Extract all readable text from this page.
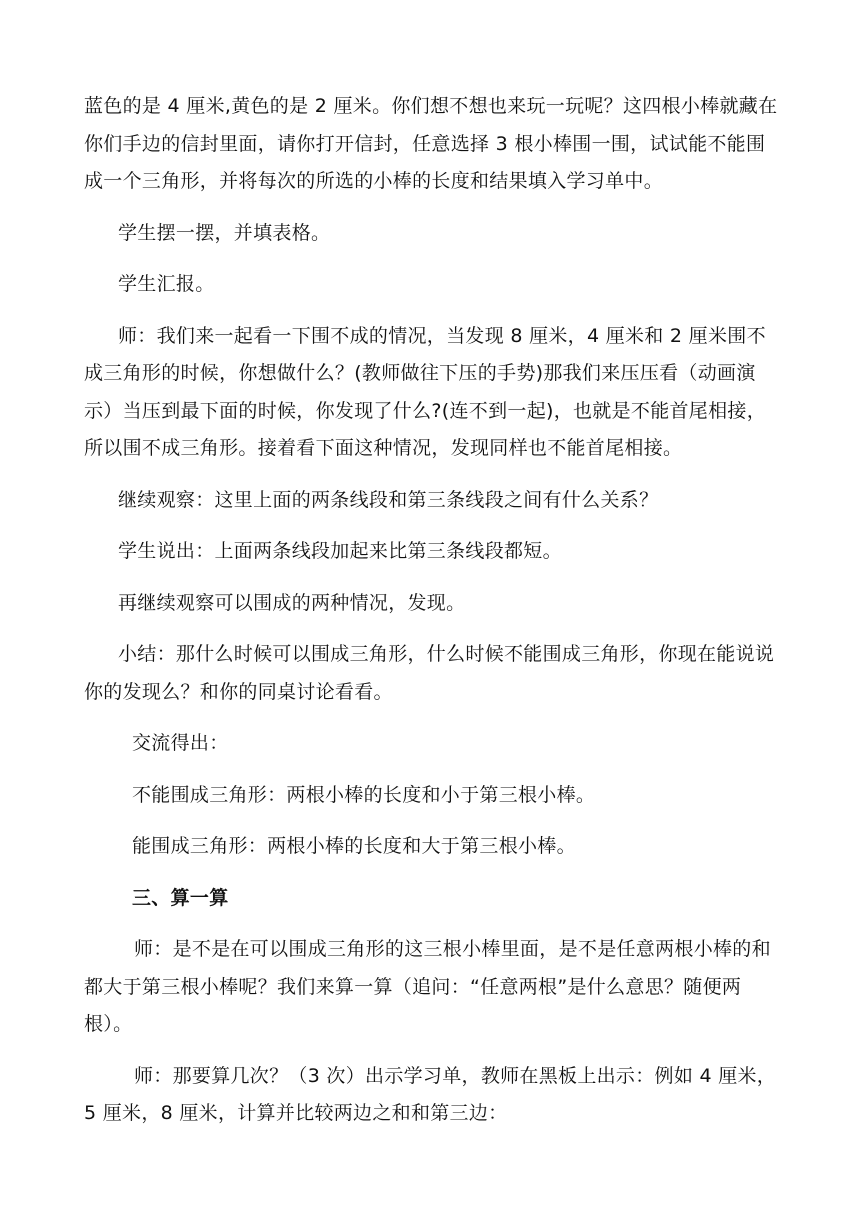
蓝色的是 4 厘米,黄色的是 2 厘米。你们想不想也来玩一玩呢？这四根小棒就藏在你们手边的信封里面，请你打开信封，任意选择 3 根小棒围一围，试试能不能围成一个三角形，并将每次的所选的小棒的长度和结果填入学习单中。

学生摆一摆，并填表格。

学生汇报。

师：我们来一起看一下围不成的情况，当发现 8 厘米，4 厘米和 2 厘米围不成三角形的时候，你想做什么？(教师做往下压的手势)那我们来压压看（动画演示）当压到最下面的时候，你发现了什么?(连不到一起)，也就是不能首尾相接，所以围不成三角形。接着看下面这种情况，发现同样也不能首尾相接。

继续观察：这里上面的两条线段和第三条线段之间有什么关系？

学生说出：上面两条线段加起来比第三条线段都短。

再继续观察可以围成的两种情况，发现。

小结：那什么时候可以围成三角形，什么时候不能围成三角形，你现在能说说你的发现么？和你的同桌讨论看看。

交流得出：

不能围成三角形：两根小棒的长度和小于第三根小棒。

能围成三角形：两根小棒的长度和大于第三根小棒。

三、算一算

师：是不是在可以围成三角形的这三根小棒里面，是不是任意两根小棒的和都大于第三根小棒呢？我们来算一算（追问：“任意两根”是什么意思？随便两根）。

师：那要算几次？（3 次）出示学习单，教师在黑板上出示：例如 4 厘米，5 厘米，8 厘米，计算并比较两边之和和第三边：
